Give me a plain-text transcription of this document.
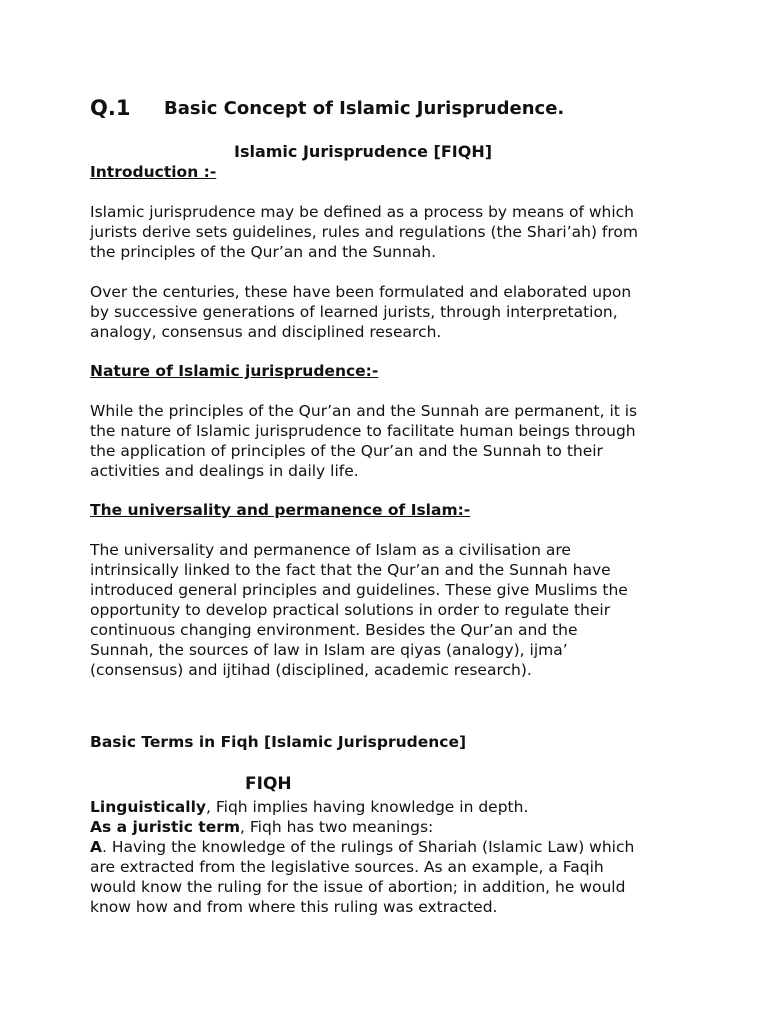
Q.1 Basic Concept of Islamic Jurisprudence.
Islamic Jurisprudence [FIQH]
Introduction :-
Islamic jurisprudence may be defined as a process by means of which
jurists derive sets guidelines, rules and regulations (the Shari’ah) from
the principles of the Qur’an and the Sunnah.
Over the centuries, these have been formulated and elaborated upon
by successive generations of learned jurists, through interpretation,
analogy, consensus and disciplined research.
Nature of Islamic jurisprudence:-
While the principles of the Qur’an and the Sunnah are permanent, it is
the nature of Islamic jurisprudence to facilitate human beings through
the application of principles of the Qur’an and the Sunnah to their
activities and dealings in daily life.
The universality and permanence of Islam:-
The universality and permanence of Islam as a civilisation are
intrinsically linked to the fact that the Qur’an and the Sunnah have
introduced general principles and guidelines. These give Muslims the
opportunity to develop practical solutions in order to regulate their
continuous changing environment. Besides the Qur’an and the
Sunnah, the sources of law in Islam are qiyas (analogy), ijma’
(consensus) and ijtihad (disciplined, academic research).
Basic Terms in Fiqh [Islamic Jurisprudence]
FIQH
Linguistically, Fiqh implies having knowledge in depth.
As a juristic term, Fiqh has two meanings:
A. Having the knowledge of the rulings of Shariah (Islamic Law) which
are extracted from the legislative sources. As an example, a Faqih
would know the ruling for the issue of abortion; in addition, he would
know how and from where this ruling was extracted.
